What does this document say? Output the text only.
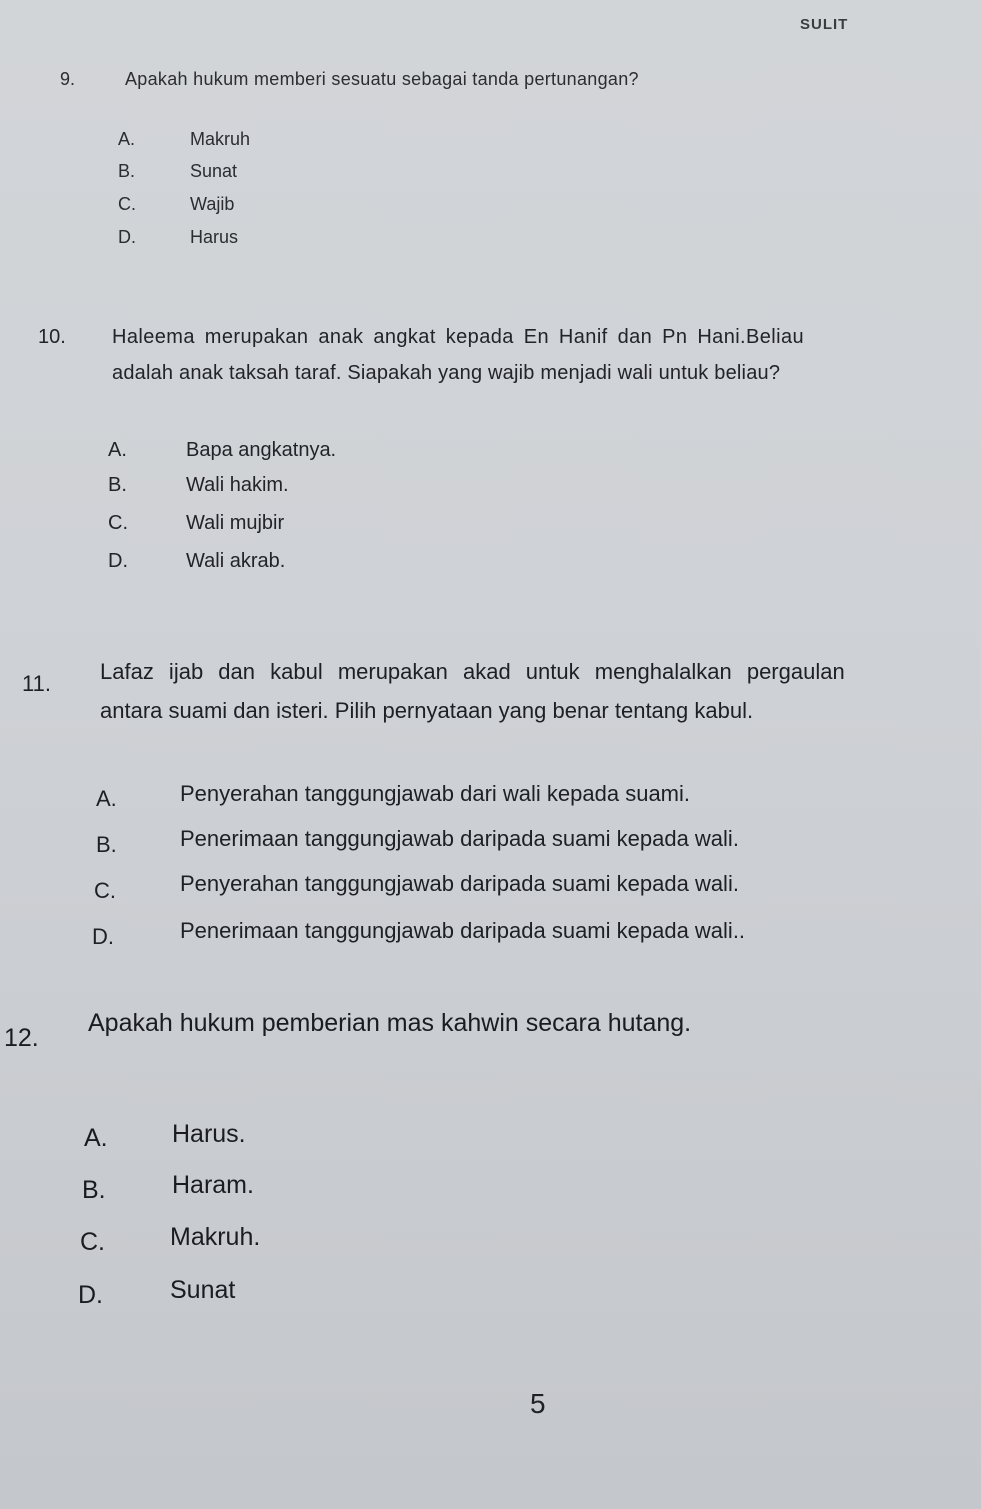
SULIT
9.	Apakah hukum memberi sesuatu sebagai tanda pertunangan?
A.	Makruh
B.	Sunat
C.	Wajib
D.	Harus
10. Haleema merupakan anak angkat kepada En Hanif dan Pn Hani.Beliau
adalah anak taksah taraf. Siapakah yang wajib menjadi wali untuk beliau?
A.	Bapa angkatnya.
B.	Wali hakim.
C.	Wali mujbir
D.	Wali akrab.
11. Lafaz ijab dan kabul merupakan akad untuk menghalalkan pergaulan
antara suami dan isteri. Pilih pernyataan yang benar tentang kabul.
A.	Penyerahan tanggungjawab dari wali kepada suami.
B.	Penerimaan tanggungjawab daripada suami kepada wali.
C.	Penyerahan tanggungjawab daripada suami kepada wali.
D.	Penerimaan tanggungjawab daripada suami kepada wali..
12.
Apakah hukum pemberian mas kahwin secara hutang.
A.	Harus.
B.	Haram.
C.	Makruh.
D.	Sunat
5
